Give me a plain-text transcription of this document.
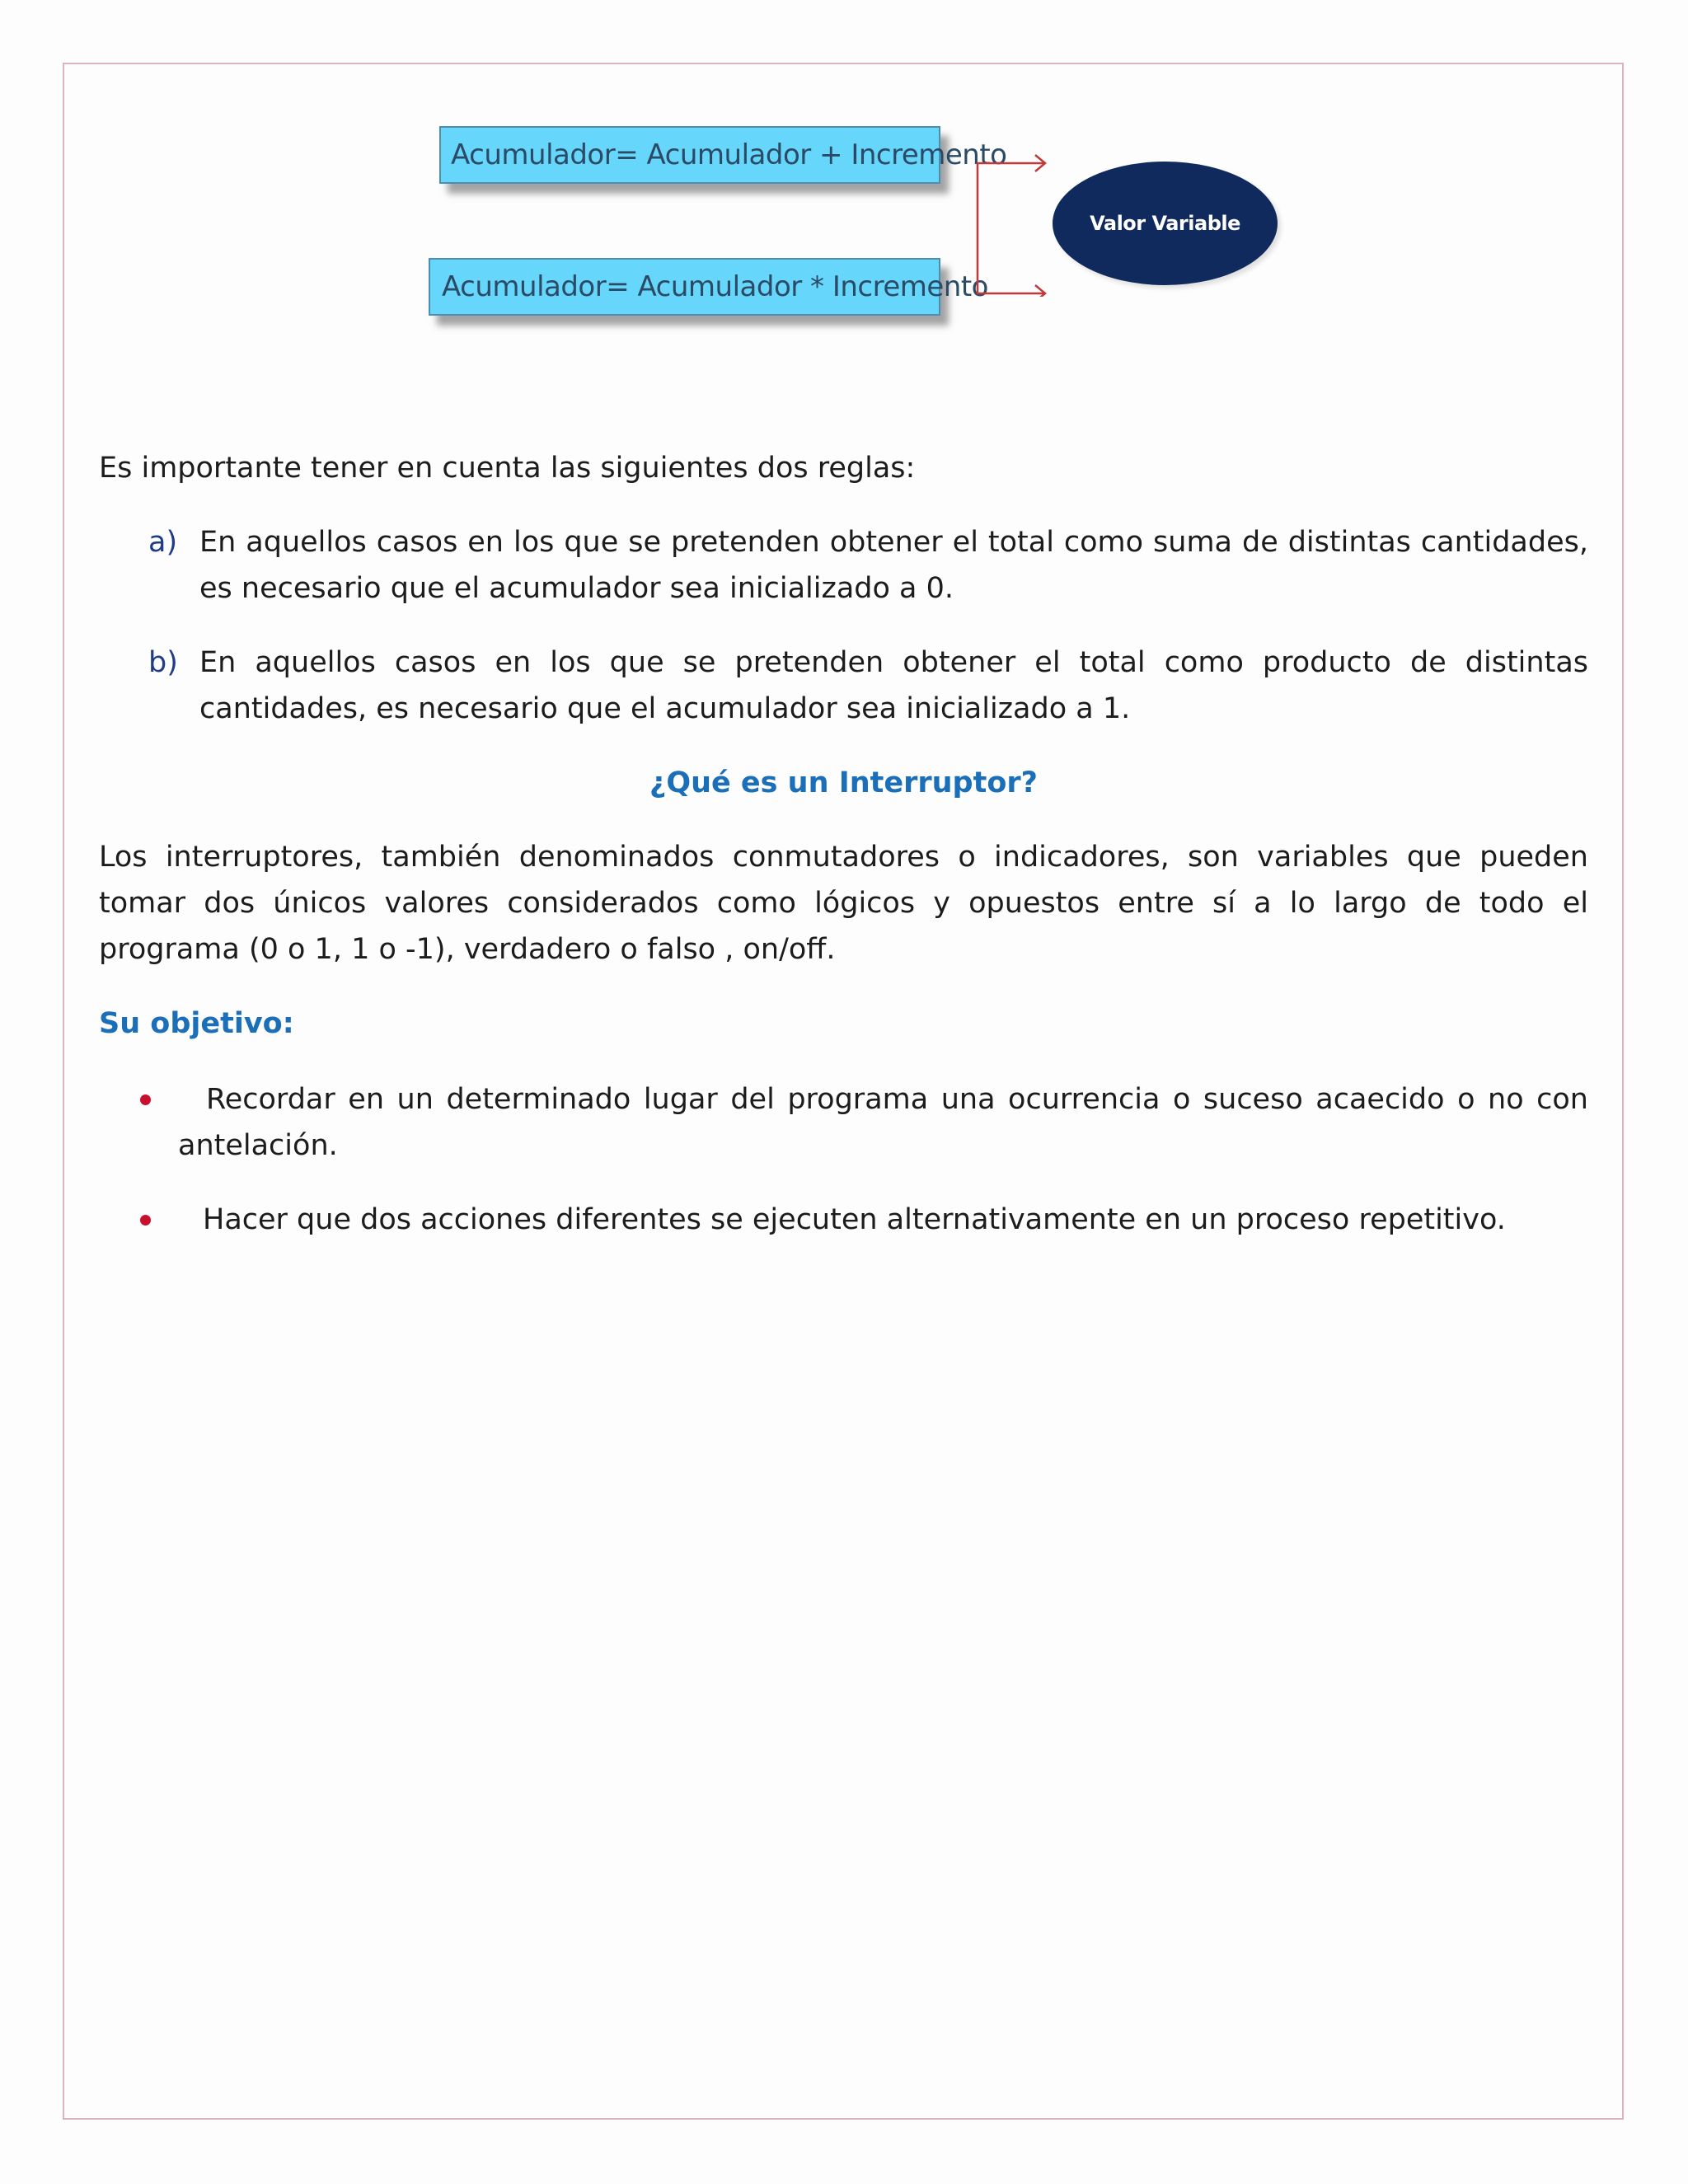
Acumulador= Acumulador + Incremento
Acumulador= Acumulador * Incremento
Valor Variable

Es importante tener en cuenta las siguientes dos reglas:

a) En aquellos casos en los que se pretenden obtener el total como suma de distintas cantidades, es necesario que el acumulador sea inicializado a 0.
b) En aquellos casos en los que se pretenden obtener el total como producto de distintas cantidades, es necesario que el acumulador sea inicializado a 1.

¿Qué es un Interruptor?

Los interruptores, también denominados conmutadores o indicadores, son variables que pueden tomar dos únicos valores considerados como lógicos y opuestos entre sí a lo largo de todo el programa (0 o 1, 1 o -1), verdadero o falso , on/off.

Su objetivo:

Recordar en un determinado lugar del programa una ocurrencia o suceso acaecido o no con
antelación.
Hacer que dos acciones diferentes se ejecuten alternativamente en un proceso repetitivo.
